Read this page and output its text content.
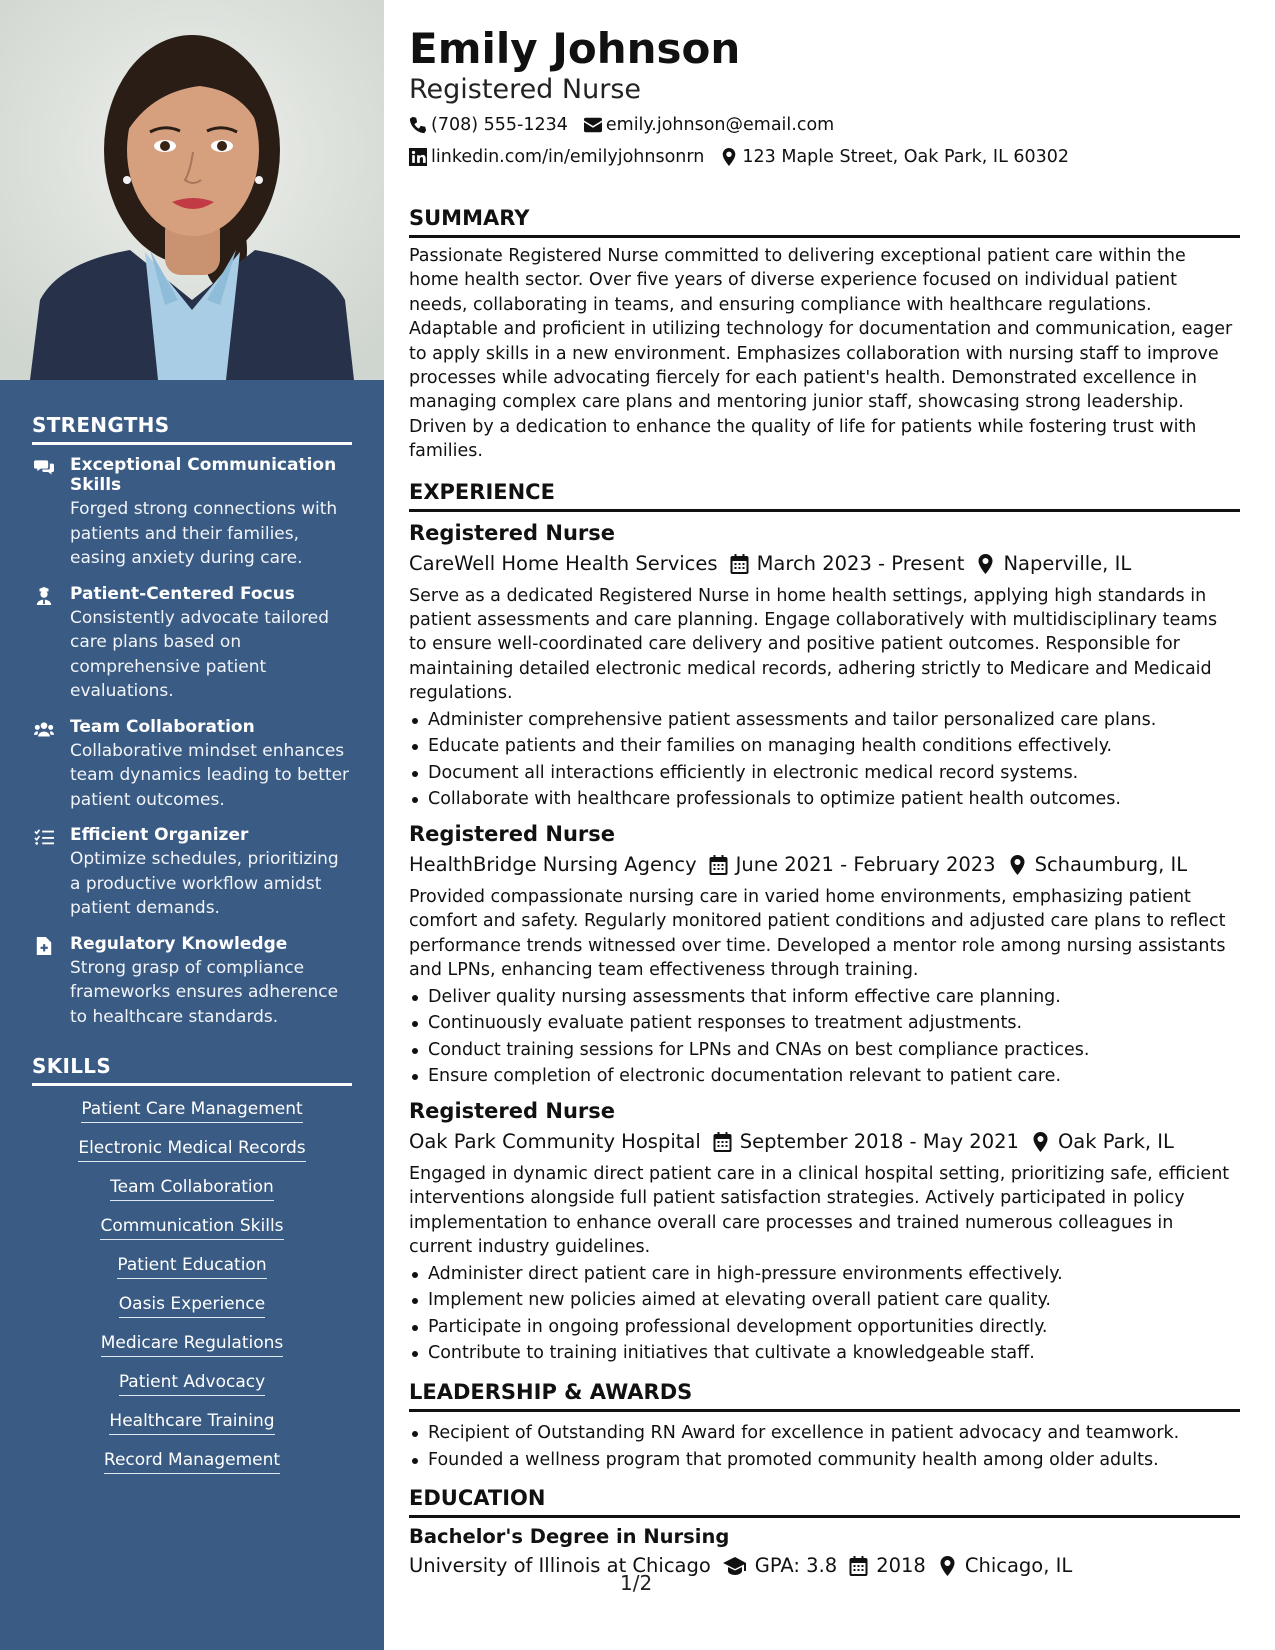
STRENGTHS
Exceptional Communication Skills
Forged strong connections with patients and their families, easing anxiety during care.
Patient-Centered Focus
Consistently advocate tailored care plans based on comprehensive patient evaluations.
Team Collaboration
Collaborative mindset enhances team dynamics leading to better patient outcomes.
Efficient Organizer
Optimize schedules, prioritizing a productive workflow amidst patient demands.
Regulatory Knowledge
Strong grasp of compliance frameworks ensures adherence to healthcare standards.
SKILLS
Patient Care Management
Electronic Medical Records
Team Collaboration
Communication Skills
Patient Education
Oasis Experience
Medicare Regulations
Patient Advocacy
Healthcare Training
Record Management
Emily Johnson
Registered Nurse
(708) 555-1234 emily.johnson@email.com
linkedin.com/in/emilyjohnsonrn 123 Maple Street, Oak Park, IL 60302
SUMMARY

Passionate Registered Nurse committed to delivering exceptional patient care within the home health sector. Over five years of diverse experience focused on individual patient needs, collaborating in teams, and ensuring compliance with healthcare regulations. Adaptable and proficient in utilizing technology for documentation and communication, eager to apply skills in a new environment. Emphasizes collaboration with nursing staff to improve processes while advocating fiercely for each patient's health. Demonstrated excellence in managing complex care plans and mentoring junior staff, showcasing strong leadership. Driven by a dedication to enhance the quality of life for patients while fostering trust with families.

EXPERIENCE
Registered Nurse
CareWell Home Health Services March 2023 - Present Naperville, IL

Serve as a dedicated Registered Nurse in home health settings, applying high standards in patient assessments and care planning. Engage collaboratively with multidisciplinary teams to ensure well-coordinated care delivery and positive patient outcomes. Responsible for maintaining detailed electronic medical records, adhering strictly to Medicare and Medicaid regulations.

Administer comprehensive patient assessments and tailor personalized care plans.
Educate patients and their families on managing health conditions effectively.
Document all interactions efficiently in electronic medical record systems.
Collaborate with healthcare professionals to optimize patient health outcomes.
Registered Nurse
HealthBridge Nursing Agency June 2021 - February 2023 Schaumburg, IL

Provided compassionate nursing care in varied home environments, emphasizing patient comfort and safety. Regularly monitored patient conditions and adjusted care plans to reflect performance trends witnessed over time. Developed a mentor role among nursing assistants and LPNs, enhancing team effectiveness through training.

Deliver quality nursing assessments that inform effective care planning.
Continuously evaluate patient responses to treatment adjustments.
Conduct training sessions for LPNs and CNAs on best compliance practices.
Ensure completion of electronic documentation relevant to patient care.
Registered Nurse
Oak Park Community Hospital September 2018 - May 2021 Oak Park, IL

Engaged in dynamic direct patient care in a clinical hospital setting, prioritizing safe, efficient interventions alongside full patient satisfaction strategies. Actively participated in policy implementation to enhance overall care processes and trained numerous colleagues in current industry guidelines.

Administer direct patient care in high-pressure environments effectively.
Implement new policies aimed at elevating overall patient care quality.
Participate in ongoing professional development opportunities directly.
Contribute to training initiatives that cultivate a knowledgeable staff.
LEADERSHIP & AWARDS
Recipient of Outstanding RN Award for excellence in patient advocacy and teamwork.
Founded a wellness program that promoted community health among older adults.
EDUCATION
Bachelor's Degree in Nursing
University of Illinois at Chicago GPA: 3.8 2018 Chicago, IL
1/2
